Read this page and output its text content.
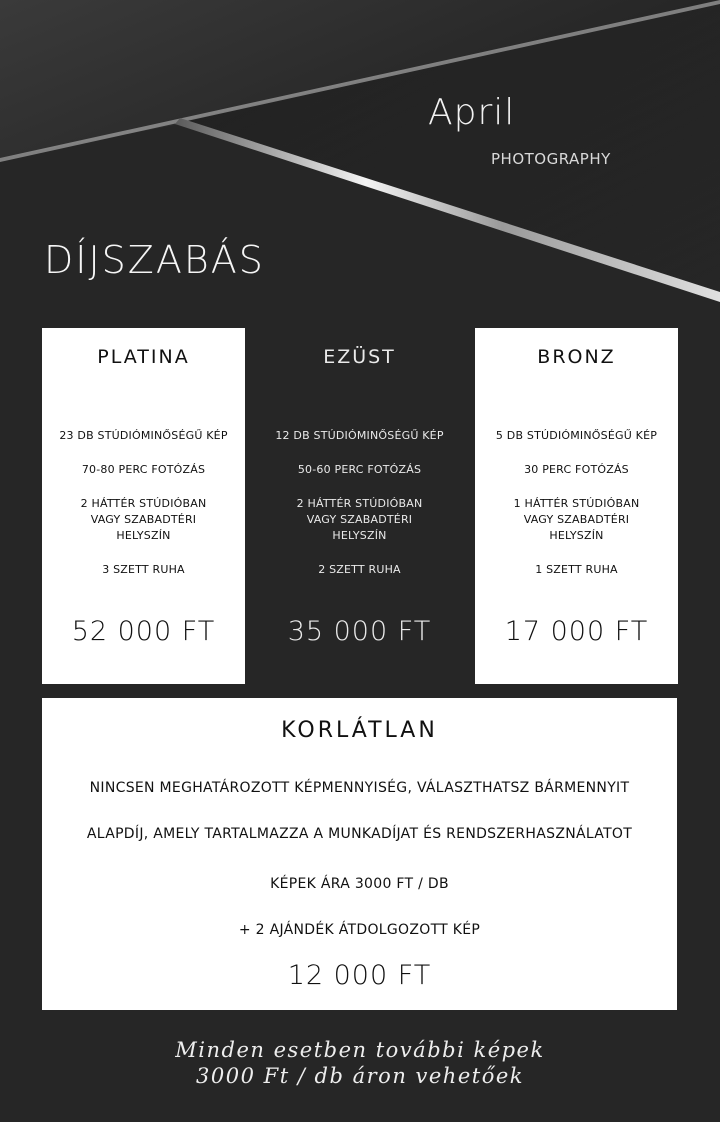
April
PHOTOGRAPHY
DÍJSZABÁS
PLATINA
23 DB STÚDIÓMINŐSÉGŰ KÉP
70-80 PERC FOTÓZÁS
2 HÁTTÉR STÚDIÓBAN VAGY SZABADTÉRI HELYSZÍN
3 SZETT RUHA
52 000 FT
EZÜST
12 DB STÚDIÓMINŐSÉGŰ KÉP
50-60 PERC FOTÓZÁS
2 HÁTTÉR STÚDIÓBAN VAGY SZABADTÉRI HELYSZÍN
2 SZETT RUHA
35 000 FT
BRONZ
5 DB STÚDIÓMINŐSÉGŰ KÉP
30 PERC FOTÓZÁS
1 HÁTTÉR STÚDIÓBAN VAGY SZABADTÉRI HELYSZÍN
1 SZETT RUHA
17 000 FT
KORLÁTLAN
NINCSEN MEGHATÁROZOTT KÉPMENNYISÉG, VÁLASZTHATSZ BÁRMENNYIT
ALAPDÍJ, AMELY TARTALMAZZA A MUNKADÍJAT ÉS RENDSZERHASZNÁLATOT
KÉPEK ÁRA 3000 FT / DB
+ 2 AJÁNDÉK ÁTDOLGOZOTT KÉP
12 000 FT
Minden esetben további képek
3000 Ft / db áron vehetőek
